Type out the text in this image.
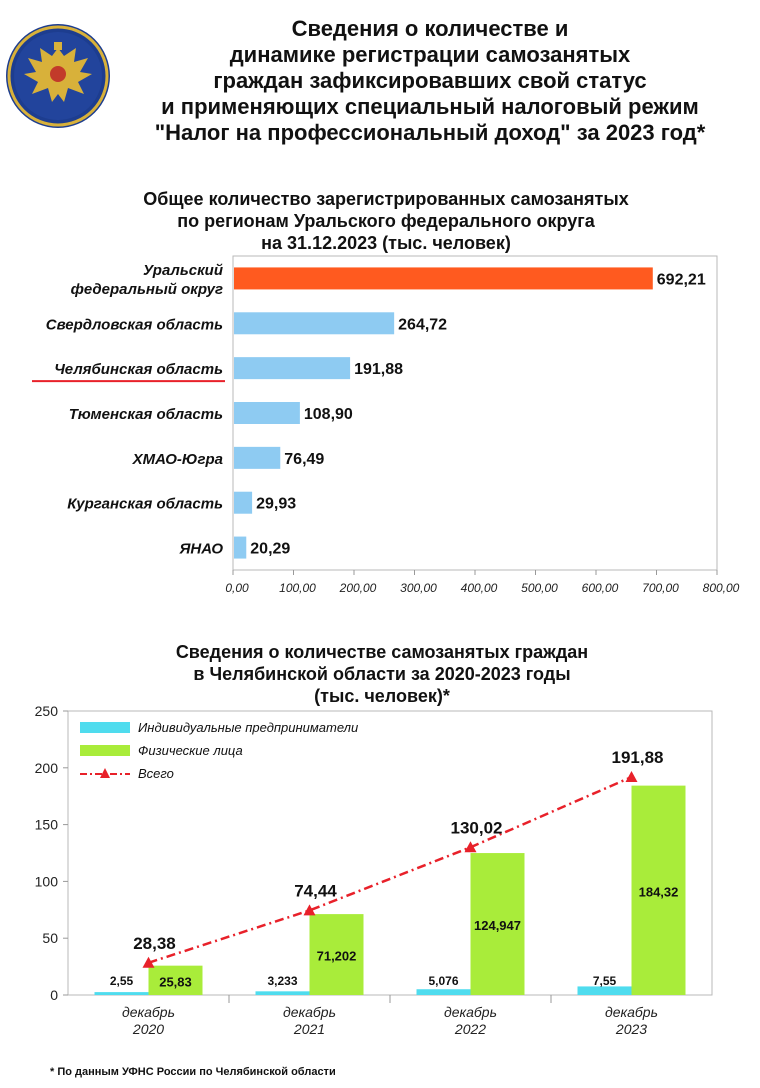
Сведения о количестве и
динамике регистрации самозанятых
граждан зафиксировавших свой статус
и применяющих специальный налоговый режим
"Налог на профессиональный доход" за 2023 год*
Общее количество зарегистрированных самозанятых
по регионам Уральского федерального округа
на 31.12.2023 (тыс. человек)
692,21
Уральский
федеральный округ
264,72
Свердловская область
191,88
Челябинская область
108,90
Тюменская область
76,49
ХМАО-Югра
29,93
Курганская область
20,29
ЯНАО
0,00	100,00 200,00 300,00 400,00 500,00 600,00 700,00 800,00
Сведения о количестве самозанятых граждан
в Челябинской области за 2020-2023 годы
(тыс. человек)*
0
50
100
150
200
250
2,55 25,83
декабрь
2020
3,233
71,202
декабрь
2021
5,076
124,947
декабрь
2022
7,55
184,32
декабрь
2023
28,38
74,44
130,02
191,88
Индивидуальные предприниматели
Физические лица
Всего
* По данным УФНС России по Челябинской области
